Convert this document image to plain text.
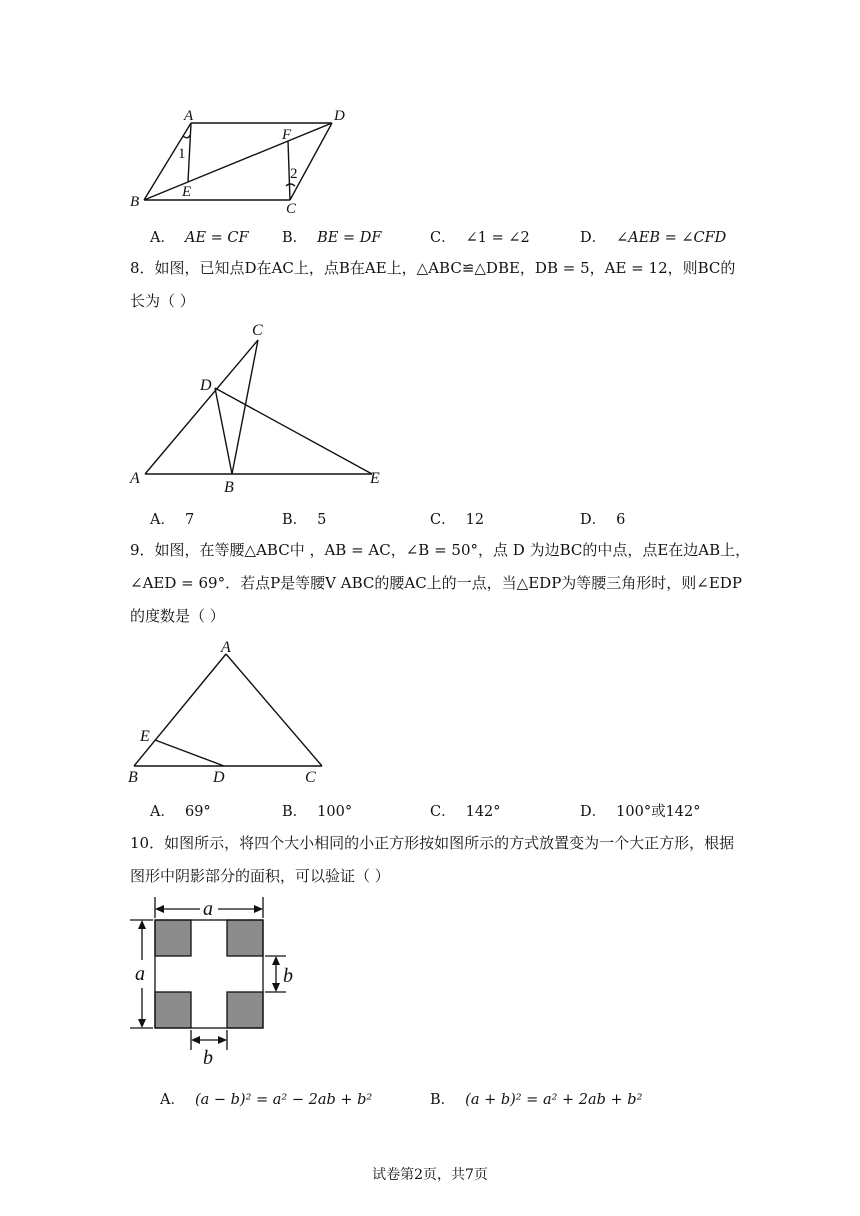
A	D
F
1
2
E
B	C
A． AE = CF B． BE = DF	C． ∠1 = ∠2	D． ∠AEB = ∠CFD
8．如图，已知点D在AC上，点B在AE上，△ABC≌△DBE，DB = 5，AE = 12，则BC的
长为（ ）
C
D
A
B
E
A． 7	B． 5	C． 12	D． 6
9．如图，在等腰△ABC中 ，AB = AC，∠B = 50°，点 D 为边BC的中点，点E在边AB上，
∠AED = 69°．若点P是等腰V ABC的腰AC上的一点，当△EDP为等腰三角形时，则∠EDP
的度数是（ ）
A
E
B	D	C
A． 69°	B． 100°	C． 142°	D． 100°或142°
10．如图所示，将四个大小相同的小正方形按如图所示的方式放置变为一个大正方形，根据
图形中阴影部分的面积，可以验证（ ）
a
a	b
b
A． (a − b)² = a² − 2ab + b²	B． (a + b)² = a² + 2ab + b²
试卷第2页，共7页
